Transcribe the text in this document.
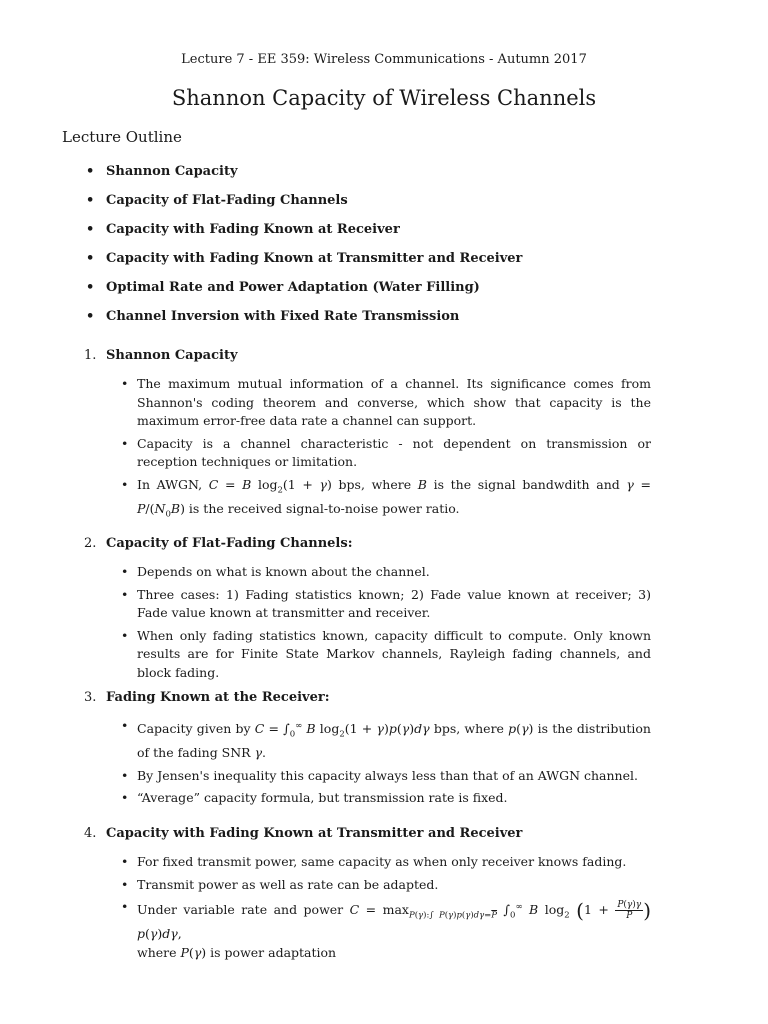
Lecture 7 - EE 359: Wireless Communications - Autumn 2017
Shannon Capacity of Wireless Channels
Lecture Outline
• Shannon Capacity
• Capacity of Flat-Fading Channels
• Capacity with Fading Known at Receiver
• Capacity with Fading Known at Transmitter and Receiver
• Optimal Rate and Power Adaptation (Water Filling)
• Channel Inversion with Fixed Rate Transmission
1. Shannon Capacity
• The maximum mutual information of a channel. Its significance comes from Shannon's coding theorem and converse, which show that capacity is the maximum error-free data rate a channel can support.
• Capacity is a channel characteristic - not dependent on transmission or reception techniques or limitation.
• In AWGN, C = B $\log_2(1 + \gamma)$ bps, where B is the signal bandwdith and $\gamma = P/(N_0B)$ is the received signal-to-noise power ratio.
2. Capacity of Flat-Fading Channels:
• Depends on what is known about the channel.
• Three cases: 1) Fading statistics known; 2) Fade value known at receiver; 3) Fade value known at transmitter and receiver.
• When only fading statistics known, capacity difficult to compute. Only known results are for Finite State Markov channels, Rayleigh fading channels, and block fading.
3. Fading Known at the Receiver:
• Capacity given by $C = \int_0^\infty$ B $\log_2(1 + \gamma)p(\gamma)d\gamma$ bps, where p(γ) is the distribution of the fading SNR γ.
• By Jensen's inequality this capacity always less than that of an AWGN channel.
• “Average” capacity formula, but transmission rate is fixed.
4. Capacity with Fading Known at Transmitter and Receiver
• For fixed transmit power, same capacity as when only receiver knows fading.
• Transmit power as well as rate can be adapted.
• Under variable rate and power $C = \max_{P(\gamma):\int P(\gamma)p(\gamma)d\gamma=\overline{P}} \int_0^\infty$ B $\log_2 (1 + \frac{P(\gamma)\gamma}{P}$ ) p(γ)dγ,
where P(γ) is power adaptation
